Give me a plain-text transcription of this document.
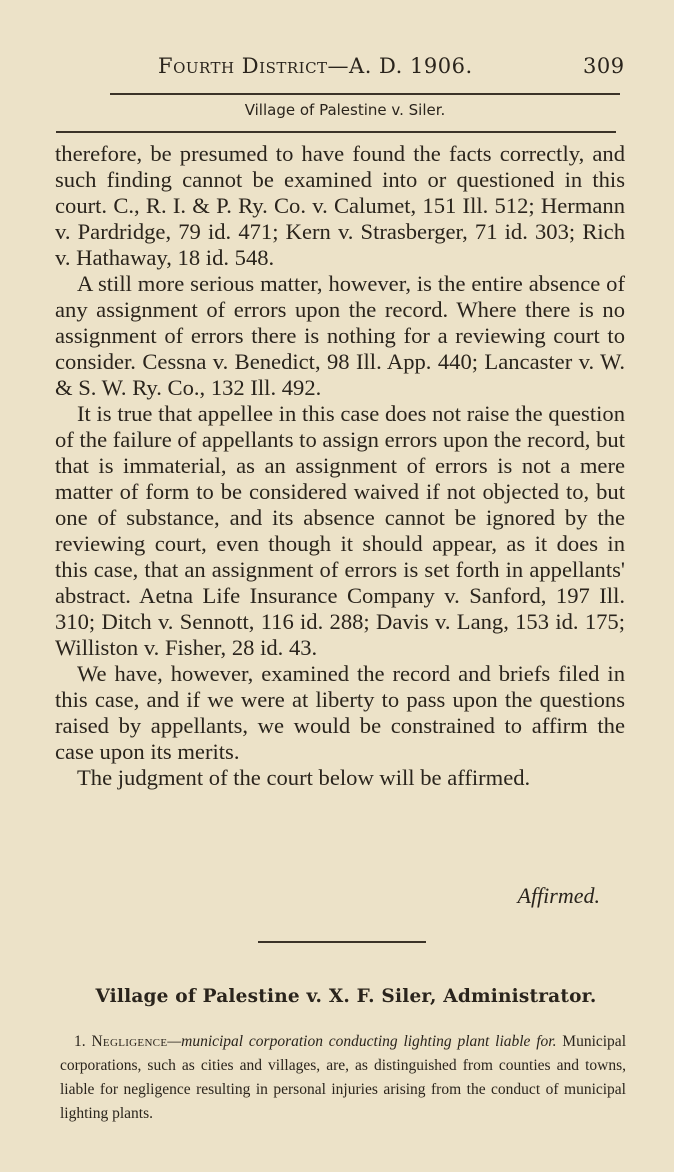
Fourth District—A. D. 1906.	309
Village of Palestine v. Siler.

therefore, be presumed to have found the facts correctly, and such finding cannot be examined into or questioned in this court. C., R. I. & P. Ry. Co. v. Calumet, 151 Ill. 512; Hermann v. Pardridge, 79 id. 471; Kern v. Strasberger, 71 id. 303; Rich v. Hathaway, 18 id. 548.

A still more serious matter, however, is the entire absence of any assignment of errors upon the record. Where there is no assignment of errors there is nothing for a reviewing court to consider. Cessna v. Benedict, 98 Ill. App. 440; Lancaster v. W. & S. W. Ry. Co., 132 Ill. 492.

It is true that appellee in this case does not raise the question of the failure of appellants to assign errors upon the record, but that is immaterial, as an assignment of errors is not a mere matter of form to be considered waived if not objected to, but one of substance, and its absence cannot be ignored by the reviewing court, even though it should appear, as it does in this case, that an assignment of errors is set forth in appellants' abstract. Aetna Life Insurance Company v. Sanford, 197 Ill. 310; Ditch v. Sennott, 116 id. 288; Davis v. Lang, 153 id. 175; Williston v. Fisher, 28 id. 43.

We have, however, examined the record and briefs filed in this case, and if we were at liberty to pass upon the questions raised by appellants, we would be constrained to affirm the case upon its merits.

The judgment of the court below will be affirmed.

Affirmed.
Village of Palestine v. X. F. Siler, Administrator.
1. Negligence—municipal corporation conducting lighting plant liable for. Municipal corporations, such as cities and villages, are, as distinguished from counties and towns, liable for negligence resulting in personal injuries arising from the conduct of municipal lighting plants.
